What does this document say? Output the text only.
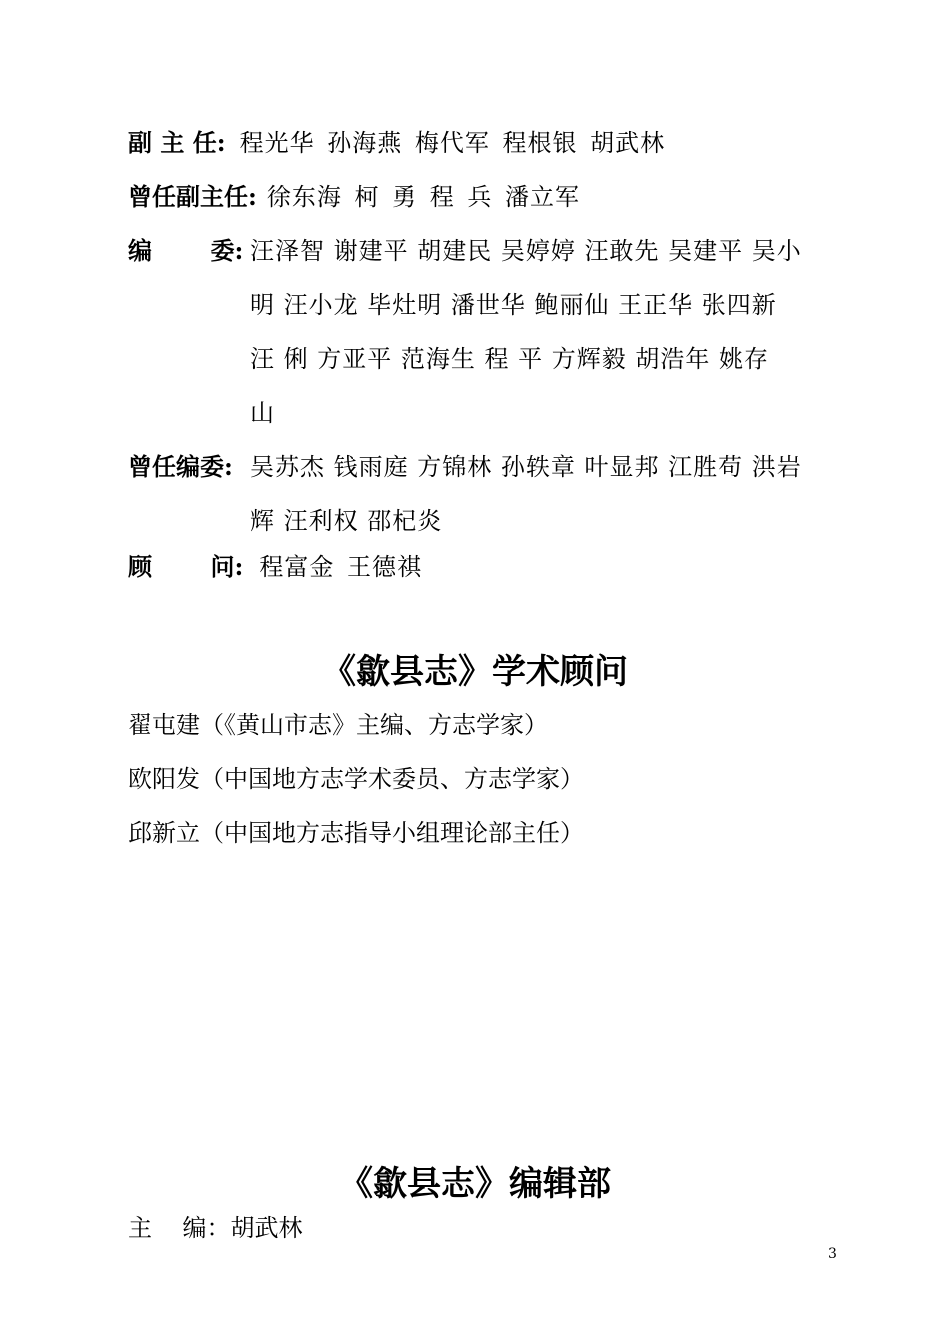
副 主 任: 程光华 孙海燕 梅代军 程根银 胡武林
曾任副主任: 徐东海 柯 勇 程 兵 潘立军
编       委: 汪泽智 谢建平 胡建民 吴婷婷 汪敢先 吴建平 吴小
明 汪小龙 毕灶明 潘世华 鲍丽仙 王正华 张四新
汪 俐 方亚平 范海生 程 平 方辉毅 胡浩年 姚存
山
曾任编委: 吴苏杰 钱雨庭 方锦林 孙轶章 叶显邦 江胜苟 洪岩
辉 汪利权 邵杞炎
顾       问: 程富金 王德祺
《歙县志》学术顾问
翟屯建（《黄山市志》主编、方志学家）
欧阳发（中国地方志学术委员、方志学家）
邱新立（中国地方志指导小组理论部主任）
《歙县志》编辑部
主    编：胡武林
3
